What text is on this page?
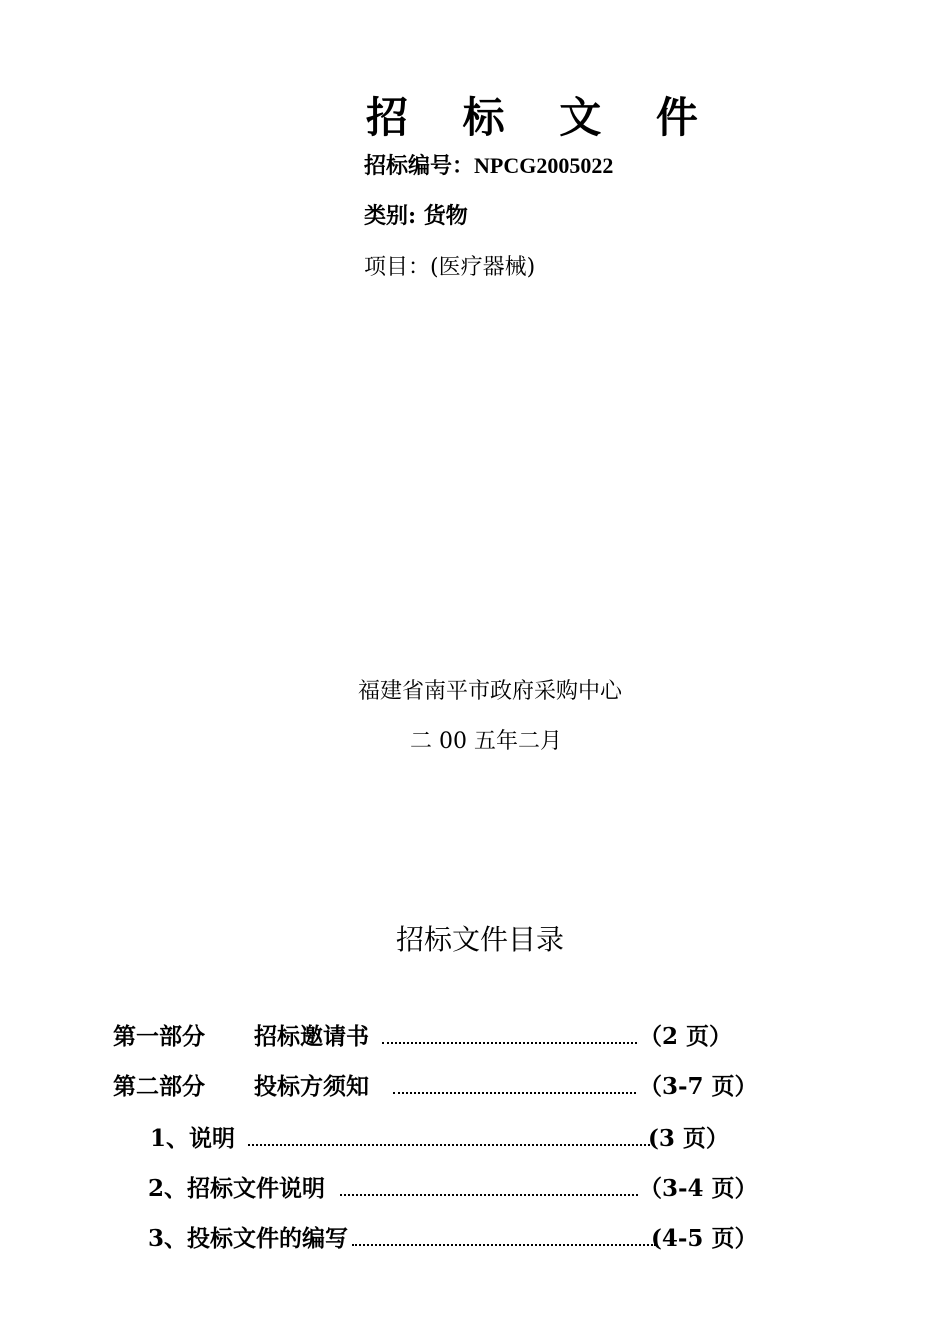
招 标 文 件
招标编号：NPCG2005022
类别: 货物
项目：(医疗器械)
福建省南平市政府采购中心
二 00 五年二月
招标文件目录
第一部分 招标邀请书	（2 页）
第二部分 投标方须知	（3-7 页）
1、说明	(3 页）
2、招标文件说明	（3-4 页）
3、投标文件的编写	(4-5 页）
